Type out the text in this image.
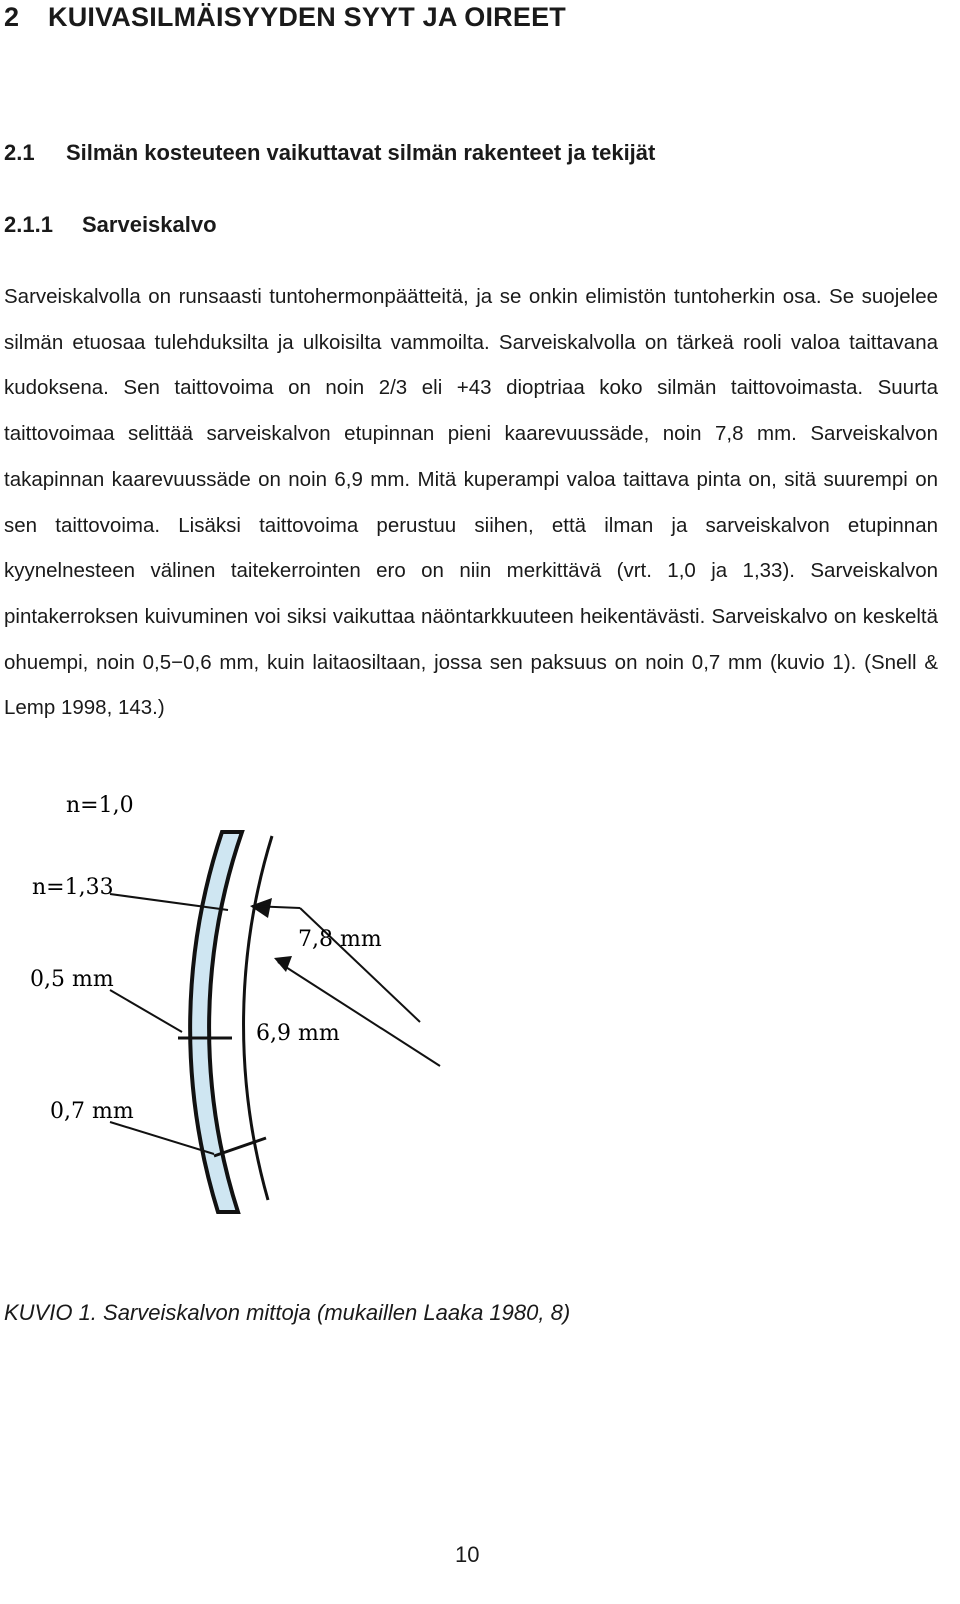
2 KUIVASILMÄISYYDEN SYYT JA OIREET
2.1 Silmän kosteuteen vaikuttavat silmän rakenteet ja tekijät
2.1.1 Sarveiskalvo

Sarveiskalvolla on runsaasti tuntohermonpäätteitä, ja se onkin elimistön tuntoherkin osa. Se suojelee silmän etuosaa tulehduksilta ja ulkoisilta vammoilta. Sarveiskalvolla on tärkeä rooli valoa taittavana kudoksena. Sen taittovoima on noin 2/3 eli +43 dioptriaa koko silmän taittovoimasta. Suurta taittovoimaa selittää sarveiskalvon etupinnan pieni kaarevuussäde, noin 7,8 mm. Sarveiskalvon takapinnan kaarevuussäde on noin 6,9 mm. Mitä kuperampi valoa taittava pinta on, sitä suurempi on sen taittovoima. Lisäksi taittovoima perustuu siihen, että ilman ja sarveiskalvon etupinnan kyynelnesteen välinen taitekerrointen ero on niin merkittävä (vrt. 1,0 ja 1,33). Sarveiskalvon pintakerroksen kuivuminen voi siksi vaikuttaa näöntarkkuuteen heikentävästi. Sarveiskalvo on keskeltä ohuempi, noin 0,5−0,6 mm, kuin laitaosiltaan, jossa sen paksuus on noin 0,7 mm (kuvio 1). (Snell & Lemp 1998, 143.)

n=1,0
n=1,33
7,8 mm
0,5 mm
6,9 mm
0,7 mm
KUVIO 1. Sarveiskalvon mittoja (mukaillen Laaka 1980, 8)
10
